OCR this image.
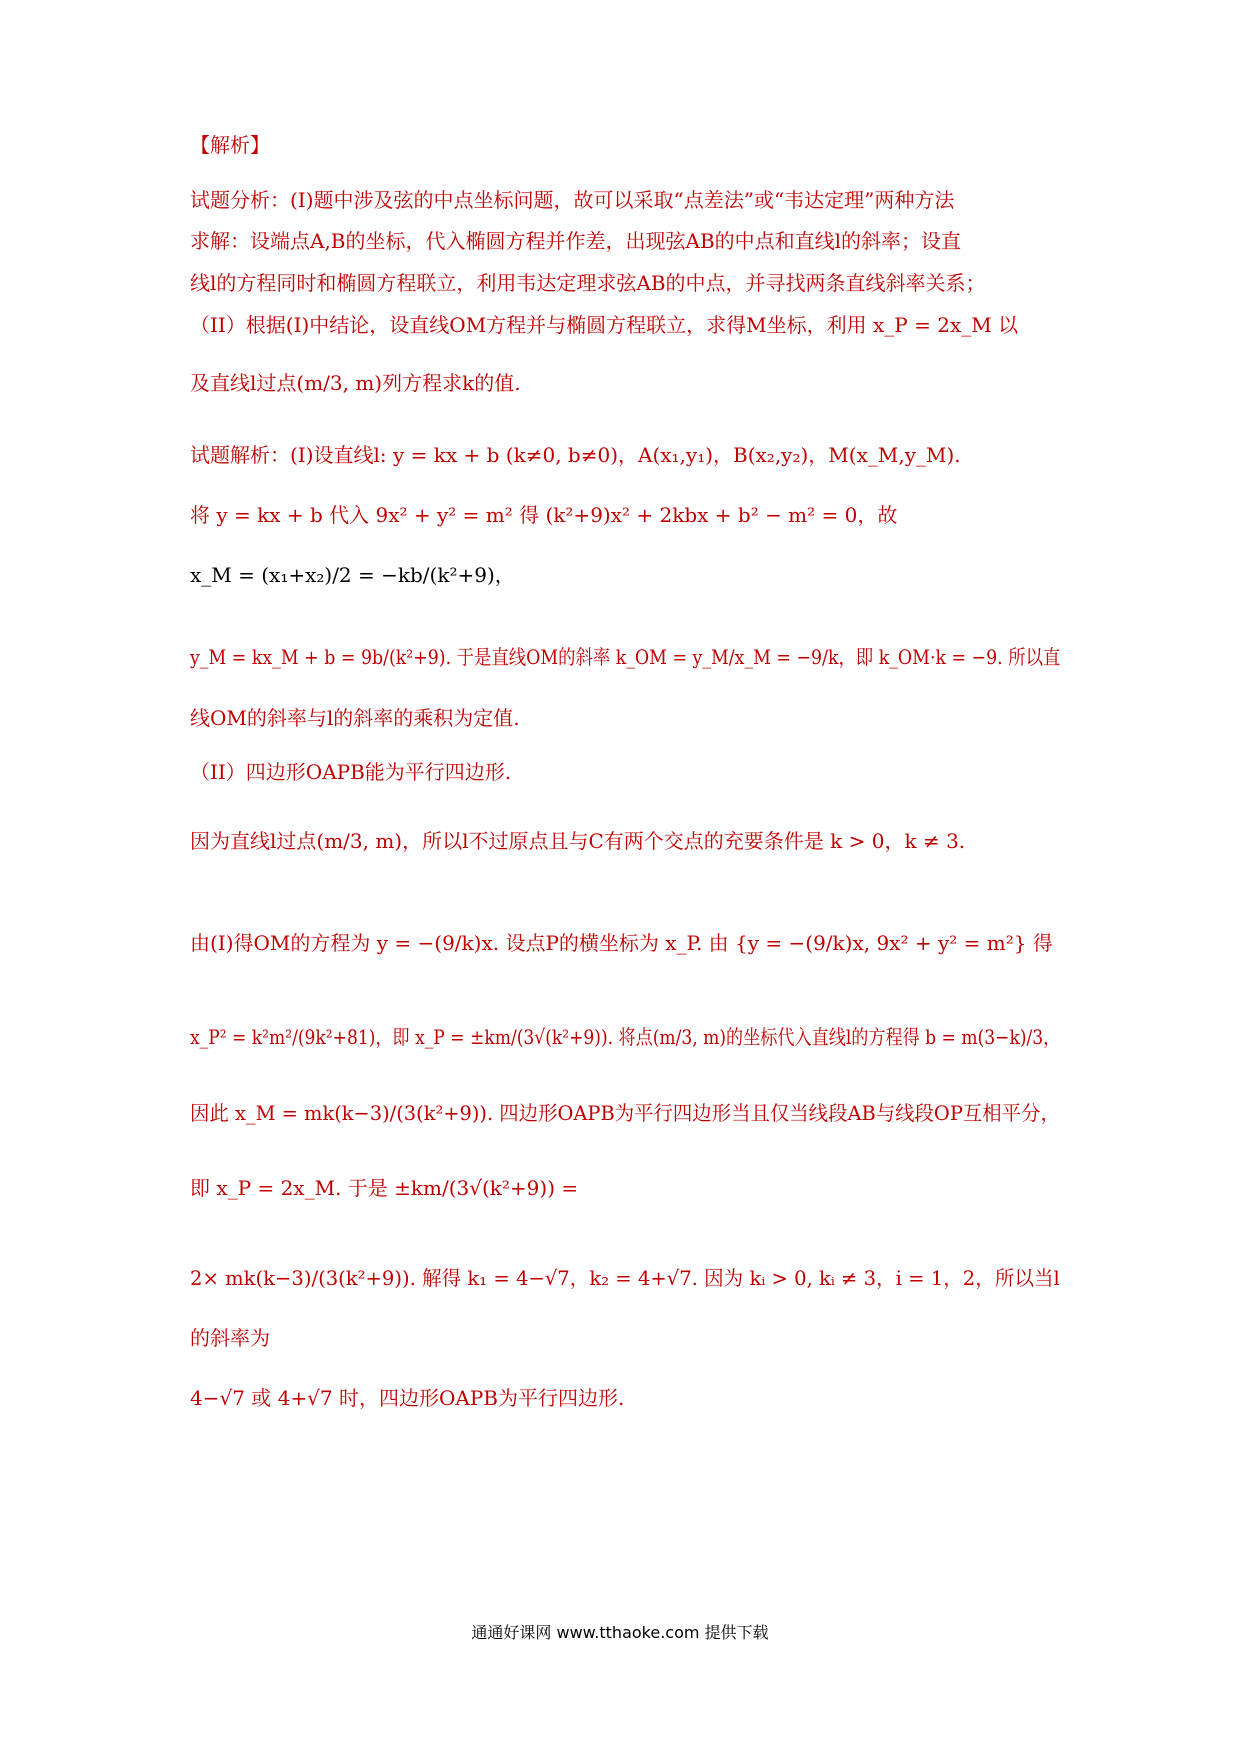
【解析】
试题分析：(I)题中涉及弦的中点坐标问题，故可以采取“点差法”或“韦达定理”两种方法
求解：设端点A,B的坐标，代入椭圆方程并作差，出现弦AB的中点和直线l的斜率；设直
线l的方程同时和椭圆方程联立，利用韦达定理求弦AB的中点，并寻找两条直线斜率关系；
（II）根据(I)中结论，设直线OM方程并与椭圆方程联立，求得M坐标，利用 x_P = 2x_M 以
及直线l过点(m/3, m)列方程求k的值.
试题解析：(I)设直线l: y = kx + b (k≠0, b≠0)，A(x₁,y₁)，B(x₂,y₂)，M(x_M,y_M).
将 y = kx + b 代入 9x² + y² = m² 得 (k²+9)x² + 2kbx + b² − m² = 0，故
x_M = (x₁+x₂)/2 = −kb/(k²+9)，
y_M = kx_M + b = 9b/(k²+9). 于是直线OM的斜率 k_OM = y_M/x_M = −9/k，即 k_OM·k = −9. 所以直
线OM的斜率与l的斜率的乘积为定值.
（II）四边形OAPB能为平行四边形.
因为直线l过点(m/3, m)，所以l不过原点且与C有两个交点的充要条件是 k > 0，k ≠ 3.
由(I)得OM的方程为 y = −(9/k)x. 设点P的横坐标为 x_P. 由 {y = −(9/k)x, 9x² + y² = m²} 得
x_P² = k²m²/(9k²+81)，即 x_P = ±km/(3√(k²+9)). 将点(m/3, m)的坐标代入直线l的方程得 b = m(3−k)/3，
因此 x_M = mk(k−3)/(3(k²+9)). 四边形OAPB为平行四边形当且仅当线段AB与线段OP互相平分，
即 x_P = 2x_M. 于是 ±km/(3√(k²+9)) =
2× mk(k−3)/(3(k²+9)). 解得 k₁ = 4−√7，k₂ = 4+√7. 因为 kᵢ > 0, kᵢ ≠ 3，i = 1，2，所以当l
的斜率为
4−√7 或 4+√7 时，四边形OAPB为平行四边形.
通通好课网 www.tthaoke.com 提供下载
